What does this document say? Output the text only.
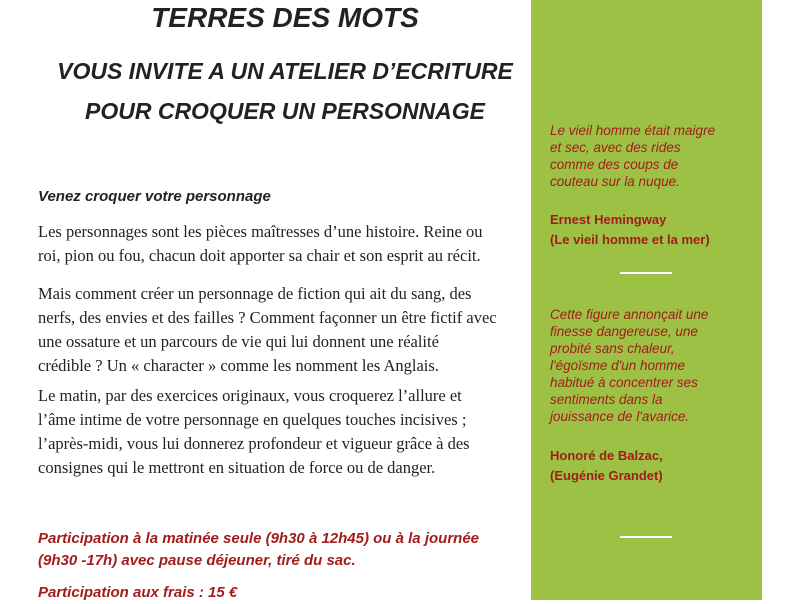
TERRES DES MOTS
VOUS INVITE A UN ATELIER D’ECRITURE
POUR CROQUER UN PERSONNAGE

Venez croquer votre personnage

Les personnages sont les pièces maîtresses d’une histoire. Reine ou
roi, pion ou fou, chacun doit apporter sa chair et son esprit au récit.

Mais comment créer un personnage de fiction qui ait du sang, des
nerfs, des envies et des failles ? Comment façonner un être fictif avec
une ossature et un parcours de vie qui lui donnent une réalité
crédible ? Un « character » comme les nomment les Anglais.

Le matin, par des exercices originaux, vous croquerez l’allure et
l’âme intime de votre personnage en quelques touches incisives ;
l’après-midi, vous lui donnerez profondeur et vigueur grâce à des
consignes qui le mettront en situation de force ou de danger.

Participation à la matinée seule (9h30 à 12h45) ou à la journée
(9h30 -17h) avec pause déjeuner, tiré du sac.

Participation aux frais : 15 €

Le vieil homme était maigre
et sec, avec des rides
comme des coups de
couteau sur la nuque.

Ernest Hemingway
(Le vieil homme et la mer)

Cette figure annonçait une
finesse dangereuse, une
probité sans chaleur,
l'égoïsme d'un homme
habitué à concentrer ses
sentiments dans la
jouissance de l'avarice.

Honoré de Balzac,
(Eugénie Grandet)
